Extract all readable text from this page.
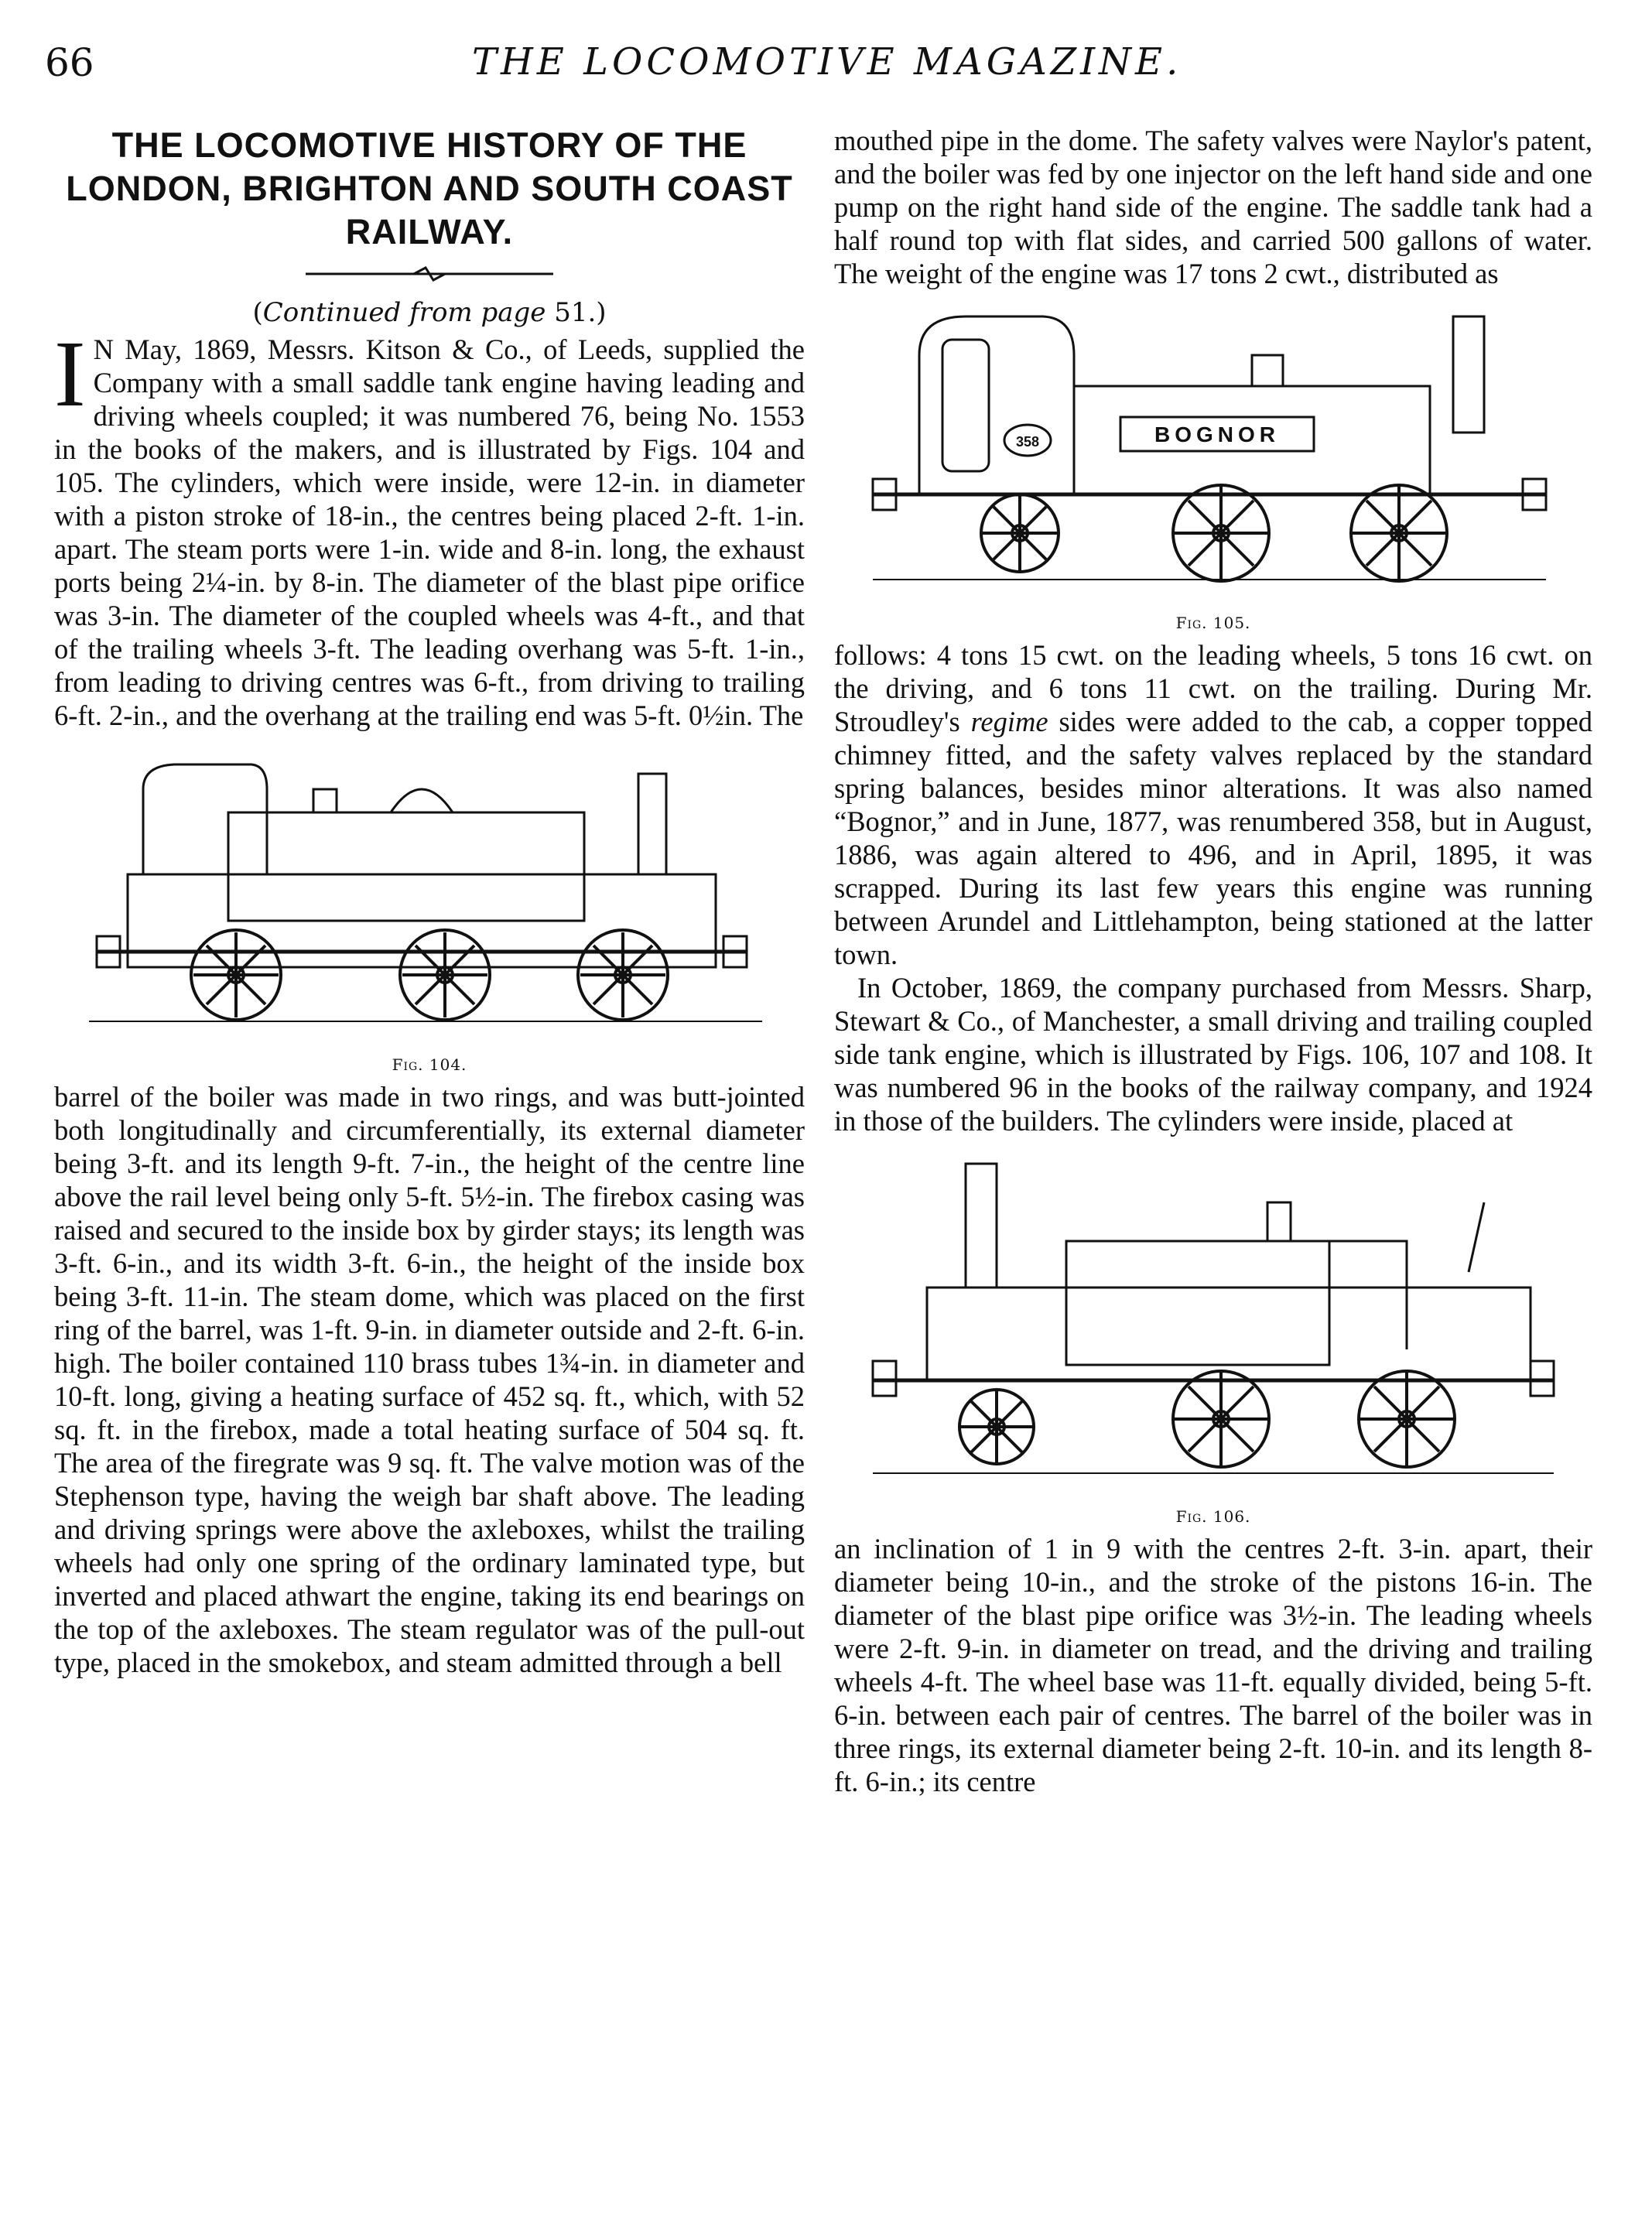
66	THE LOCOMOTIVE MAGAZINE.
THE LOCOMOTIVE HISTORY OF THE LONDON, BRIGHTON AND SOUTH COAST RAILWAY.
(Continued from page 51.)

I N May, 1869, Messrs. Kitson & Co., of Leeds, supplied the Company with a small saddle tank engine having leading and driving wheels coupled; it was numbered 76, being No. 1553 in the books of the makers, and is illustrated by Figs. 104 and 105. The cylinders, which were inside, were 12-in. in diameter with a piston stroke of 18-in., the centres being placed 2-ft. 1-in. apart. The steam ports were 1-in. wide and 8-in. long, the exhaust ports being 2¼-in. by 8-in. The diameter of the blast pipe orifice was 3-in. The diameter of the coupled wheels was 4-ft., and that of the trailing wheels 3-ft. The leading overhang was 5-ft. 1-in., from leading to driving centres was 6-ft., from driving to trailing 6-ft. 2-in., and the overhang at the trailing end was 5-ft. 0½in. The

Fig. 104.

barrel of the boiler was made in two rings, and was butt-jointed both longitudinally and circumferentially, its external diameter being 3-ft. and its length 9-ft. 7-in., the height of the centre line above the rail level being only 5-ft. 5½-in. The firebox casing was raised and secured to the inside box by girder stays; its length was 3-ft. 6-in., and its width 3-ft. 6-in., the height of the inside box being 3-ft. 11-in. The steam dome, which was placed on the first ring of the barrel, was 1-ft. 9-in. in diameter outside and 2-ft. 6-in. high. The boiler contained 110 brass tubes 1¾-in. in diameter and 10-ft. long, giving a heating surface of 452 sq. ft., which, with 52 sq. ft. in the firebox, made a total heating surface of 504 sq. ft. The area of the firegrate was 9 sq. ft. The valve motion was of the Stephenson type, having the weigh bar shaft above. The leading and driving springs were above the axleboxes, whilst the trailing wheels had only one spring of the ordinary laminated type, but inverted and placed athwart the engine, taking its end bearings on the top of the axleboxes. The steam regulator was of the pull-out type, placed in the smokebox, and steam admitted through a bell

mouthed pipe in the dome. The safety valves were Naylor's patent, and the boiler was fed by one injector on the left hand side and one pump on the right hand side of the engine. The saddle tank had a half round top with flat sides, and carried 500 gallons of water. The weight of the engine was 17 tons 2 cwt., distributed as

BOGNOR
358
Fig. 105.

follows: 4 tons 15 cwt. on the leading wheels, 5 tons 16 cwt. on the driving, and 6 tons 11 cwt. on the trailing. During Mr. Stroudley's regime sides were added to the cab, a copper topped chimney fitted, and the safety valves replaced by the standard spring balances, besides minor alterations. It was also named “Bognor,” and in June, 1877, was renumbered 358, but in August, 1886, was again altered to 496, and in April, 1895, it was scrapped. During its last few years this engine was running between Arundel and Littlehampton, being stationed at the latter town.

In October, 1869, the company purchased from Messrs. Sharp, Stewart & Co., of Manchester, a small driving and trailing coupled side tank engine, which is illustrated by Figs. 106, 107 and 108. It was numbered 96 in the books of the railway company, and 1924 in those of the builders. The cylinders were inside, placed at

Fig. 106.

an inclination of 1 in 9 with the centres 2-ft. 3-in. apart, their diameter being 10-in., and the stroke of the pistons 16-in. The diameter of the blast pipe orifice was 3½-in. The leading wheels were 2-ft. 9-in. in diameter on tread, and the driving and trailing wheels 4-ft. The wheel base was 11-ft. equally divided, being 5-ft. 6-in. between each pair of centres. The barrel of the boiler was in three rings, its external diameter being 2-ft. 10-in. and its length 8-ft. 6-in.; its centre
